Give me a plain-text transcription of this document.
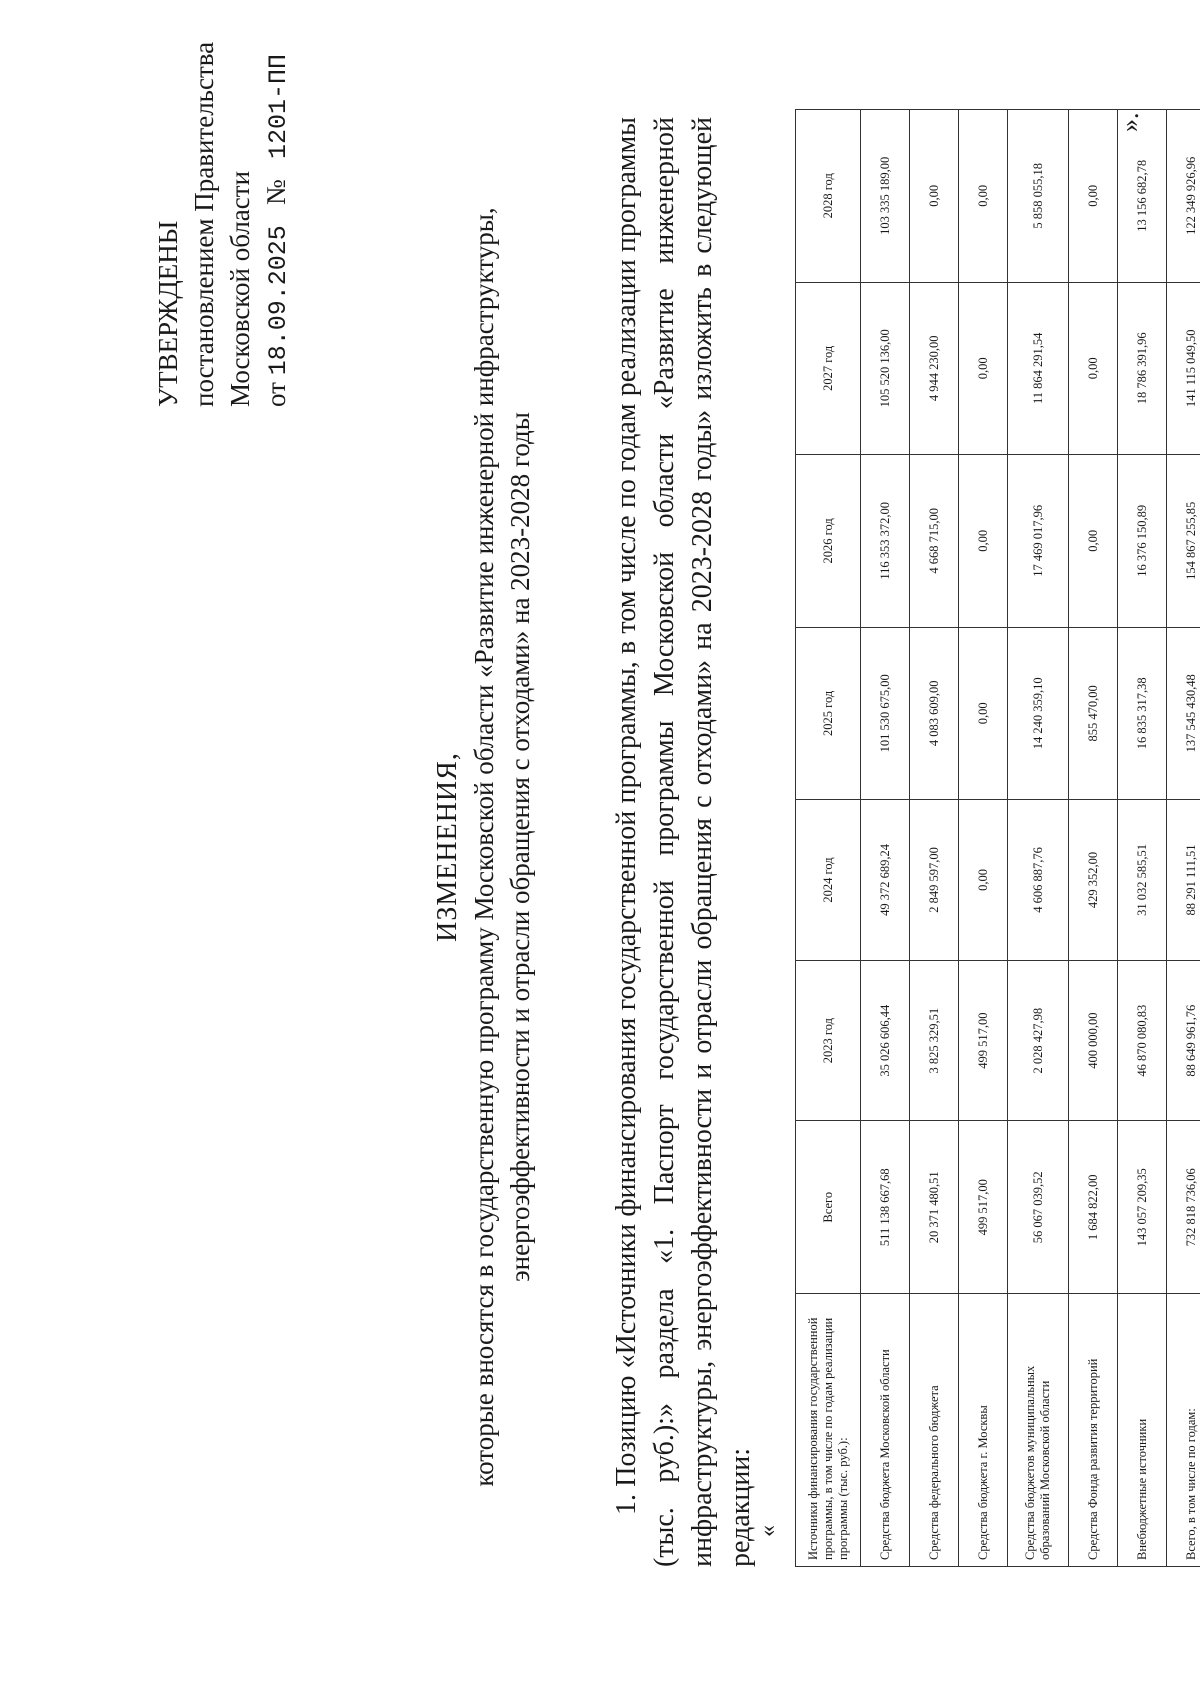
УТВЕРЖДЕНЫ постановлением Правительства Московской области от 18.09.2025   №   1201-ПП
ИЗМЕНЕНИЯ, которые вносятся в государственную программу Московской области «Развитие инженерной инфраструктуры, энергоэффективности и отрасли обращения с отходами» на 2023-2028 годы	1. Позицию «Источники финансирования государственной программы, в том числе по годам реализации программы (тыс. руб.):» раздела «1. Паспорт государственной программы Московской области «Развитие инженерной инфраструктуры, энергоэффективности и отрасли обращения с отходами» на 2023-2028 годы» изложить в следующей редакции: « Источники финансирования государственной программы, в том числе по годам реализации программы (тыс. руб.):	Всего	2023 год	2024 год	2025 год	2026 год	2027 год	2028 год
Средства бюджета Московской области	511 138 667,68	35 026 606,44	49 372 689,24	101 530 675,00	116 353 372,00	105 520 136,00	103 335 189,00
Средства федерального бюджета	20 371 480,51	3 825 329,51	2 849 597,00	4 083 609,00	4 668 715,00	4 944 230,00	0,00
Средства бюджета г. Москвы	499 517,00	499 517,00	0,00	0,00	0,00	0,00	0,00
Средства бюджетов муниципальных образований Московской области	56 067 039,52	2 028 427,98	4 606 887,76	14 240 359,10	17 469 017,96	11 864 291,54	5 858 055,18
Средства Фонда развития территорий	1 684 822,00	400 000,00	429 352,00	855 470,00	0,00	0,00	0,00
Внебюджетные источники	143 057 209,35	46 870 080,83	31 032 585,51	16 835 317,38	16 376 150,89	18 786 391,96	13 156 682,78
Всего, в том числе по годам:	732 818 736,06	88 649 961,76	88 291 111,51	137 545 430,48	154 867 255,85	141 115 049,50	122 349 926,96
».
